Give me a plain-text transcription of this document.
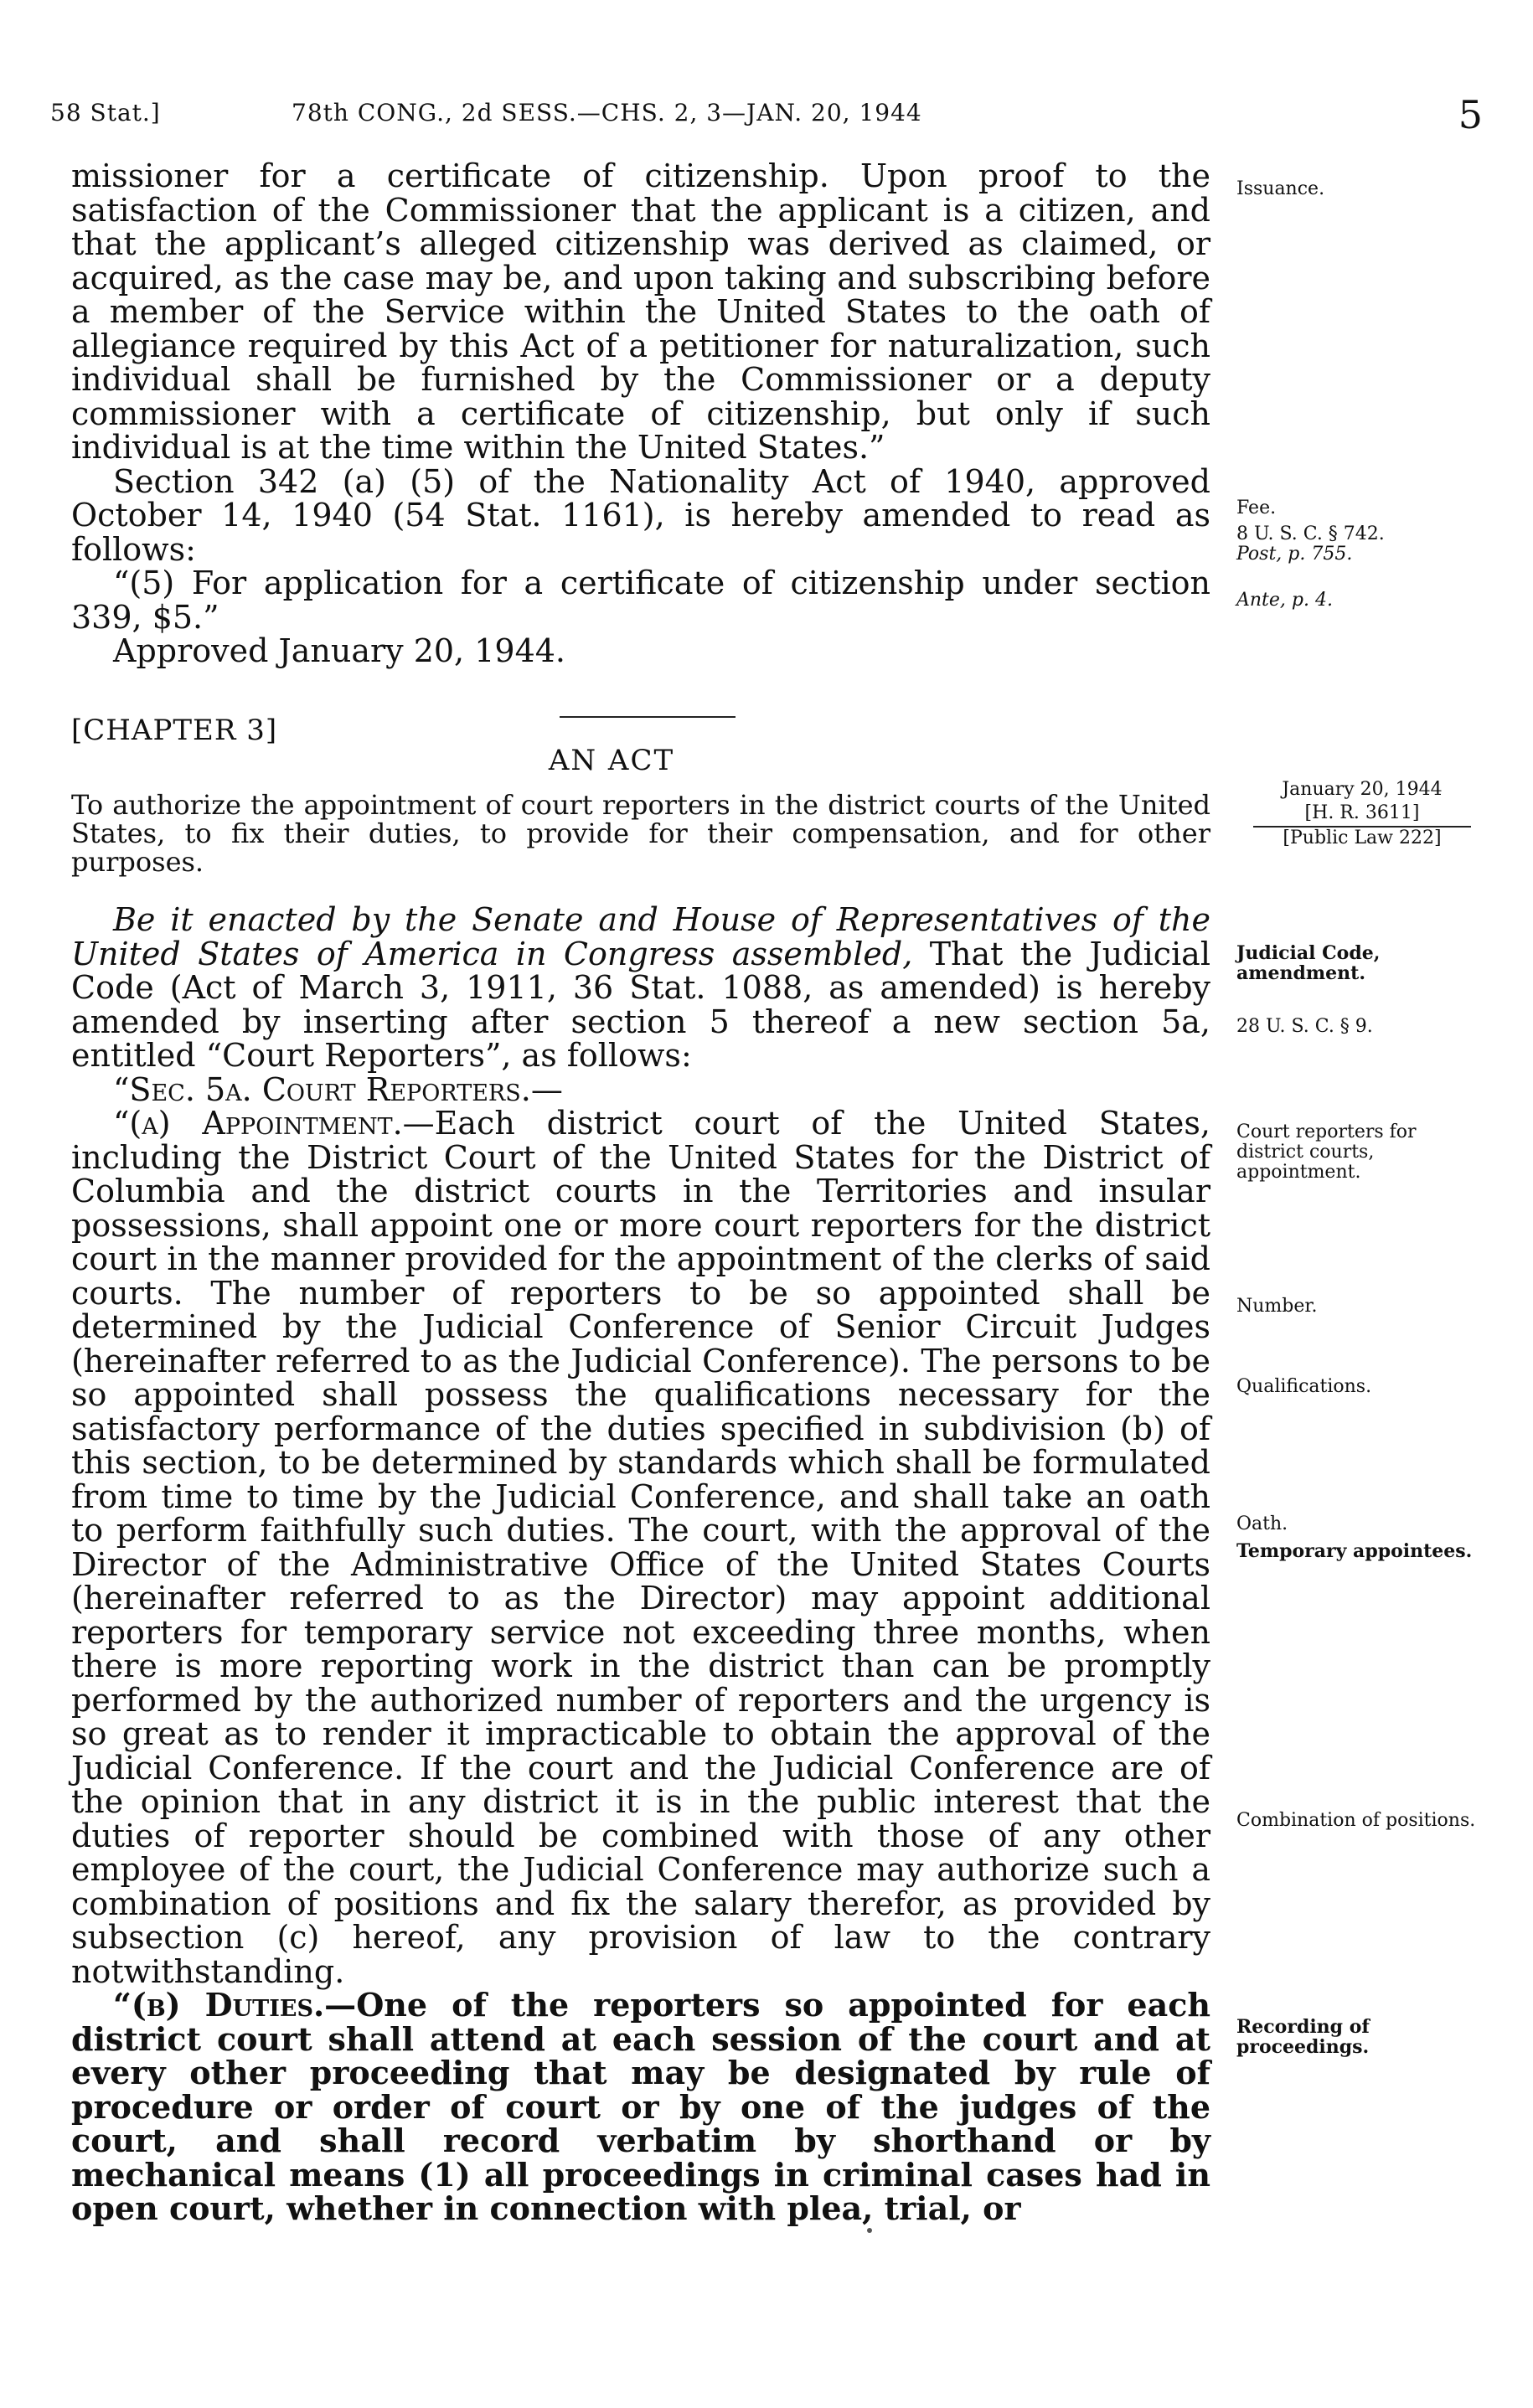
58 Stat.]	78th CONG., 2d SESS.—CHS. 2, 3—JAN. 20, 1944	5

missioner for a certificate of citizenship. Upon proof to the satisfaction of the Commissioner that the applicant is a citizen, and that the applicant’s alleged citizenship was derived as claimed, or acquired, as the case may be, and upon taking and subscribing before a member of the Service within the United States to the oath of allegiance required by this Act of a petitioner for naturalization, such individual shall be furnished by the Commissioner or a deputy commissioner with a certificate of citizenship, but only if such individual is at the time within the United States.”

Section 342 (a) (5) of the Nationality Act of 1940, approved October 14, 1940 (54 Stat. 1161), is hereby amended to read as follows:

“(5) For application for a certificate of citizenship under section 339, $5.”

Approved January 20, 1944.

Issuance.
Fee.
8 U. S. C. § 742.
Post, p. 755.
Ante, p. 4.
[CHAPTER 3]
AN ACT
To authorize the appointment of court reporters in the district courts of the United States, to fix their duties, to provide for their compensation, and for other purposes.
January 20, 1944
[H. R. 3611]
[Public Law 222]

Be it enacted by the Senate and House of Representatives of the United States of America in Congress assembled, That the Judicial Code (Act of March 3, 1911, 36 Stat. 1088, as amended) is hereby amended by inserting after section 5 thereof a new section 5a, entitled “Court Reporters”, as follows:

“Sec. 5a. Court Reporters.—

“(a) Appointment.—Each district court of the United States, including the District Court of the United States for the District of Columbia and the district courts in the Territories and insular possessions, shall appoint one or more court reporters for the district court in the manner provided for the appointment of the clerks of said courts. The number of reporters to be so appointed shall be determined by the Judicial Conference of Senior Circuit Judges (hereinafter referred to as the Judicial Conference). The persons to be so appointed shall possess the qualifications necessary for the satisfactory performance of the duties specified in subdivision (b) of this section, to be determined by standards which shall be formulated from time to time by the Judicial Conference, and shall take an oath to perform faithfully such duties. The court, with the approval of the Director of the Administrative Office of the United States Courts (hereinafter referred to as the Director) may appoint additional reporters for temporary service not exceeding three months, when there is more reporting work in the district than can be promptly performed by the authorized number of reporters and the urgency is so great as to render it impracticable to obtain the approval of the Judicial Conference. If the court and the Judicial Conference are of the opinion that in any district it is in the public interest that the duties of reporter should be combined with those of any other employee of the court, the Judicial Conference may authorize such a combination of positions and fix the salary therefor, as provided by subsection (c) hereof, any provision of law to the contrary notwithstanding.

“(b) Duties.—One of the reporters so appointed for each district court shall attend at each session of the court and at every other proceeding that may be designated by rule of procedure or order of court or by one of the judges of the court, and shall record verbatim by shorthand or by mechanical means (1) all proceedings in criminal cases had in open court, whether in connection with plea, trial, or

Judicial Code, amendment.
28 U. S. C. § 9.
Court reporters for district courts, appointment.
Number.
Qualifications.
Oath.
Temporary appointees.
Combination of positions.
Recording of proceedings.
